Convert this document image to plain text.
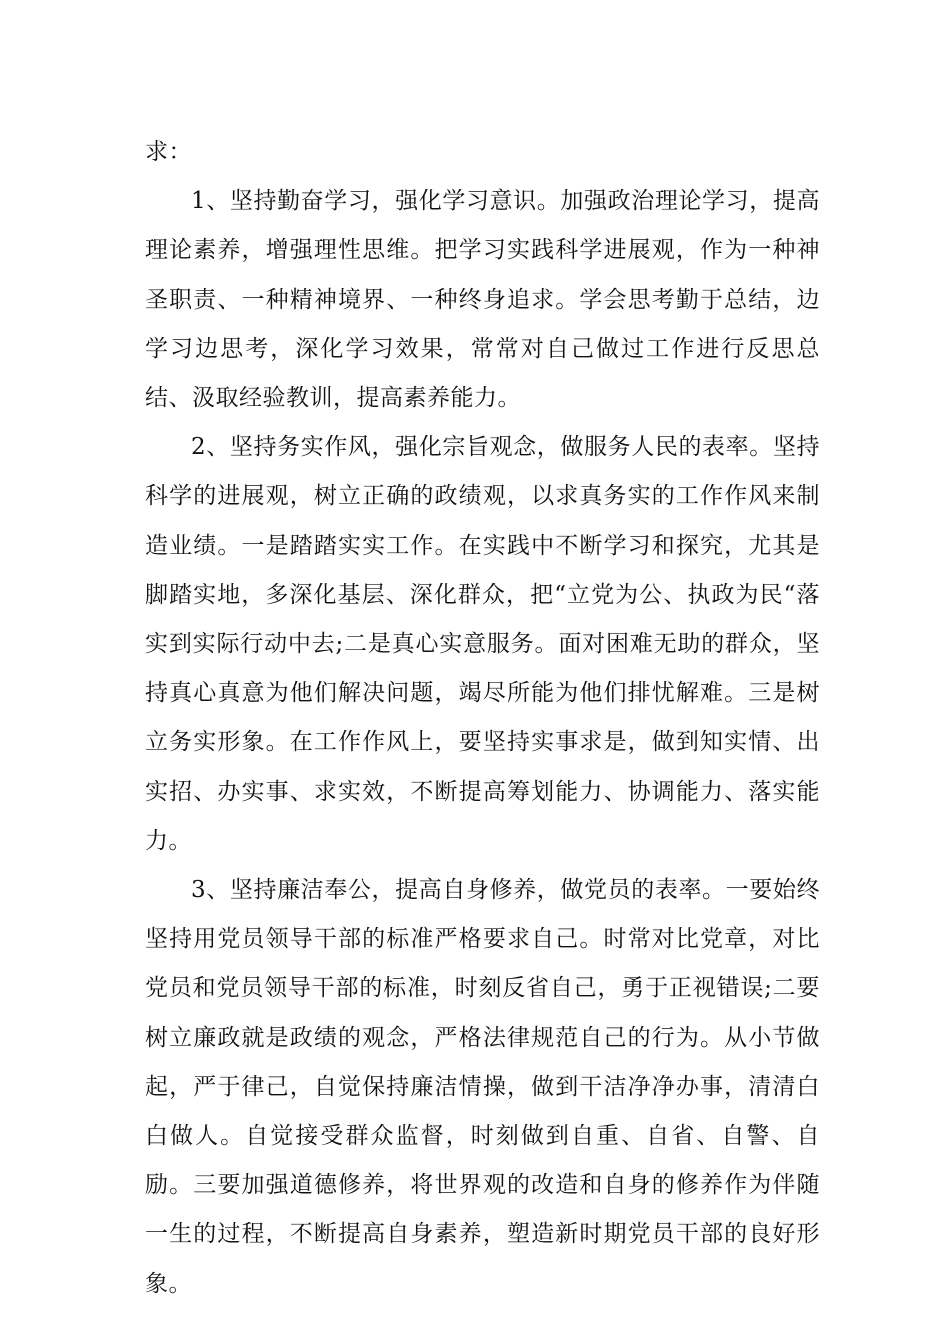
求：

1、坚持勤奋学习，强化学习意识。加强政治理论学习，提高理论素养，增强理性思维。把学习实践科学进展观，作为一种神圣职责、一种精神境界、一种终身追求。学会思考勤于总结，边学习边思考，深化学习效果，常常对自己做过工作进行反思总结、汲取经验教训，提高素养能力。

2、坚持务实作风，强化宗旨观念，做服务人民的表率。坚持科学的进展观，树立正确的政绩观，以求真务实的工作作风来制造业绩。一是踏踏实实工作。在实践中不断学习和探究，尤其是脚踏实地，多深化基层、深化群众，把“立党为公、执政为民“落实到实际行动中去;二是真心实意服务。面对困难无助的群众，坚持真心真意为他们解决问题，竭尽所能为他们排忧解难。三是树立务实形象。在工作作风上，要坚持实事求是，做到知实情、出实招、办实事、求实效，不断提高筹划能力、协调能力、落实能力。

3、坚持廉洁奉公，提高自身修养，做党员的表率。一要始终坚持用党员领导干部的标准严格要求自己。时常对比党章，对比党员和党员领导干部的标准，时刻反省自己，勇于正视错误;二要树立廉政就是政绩的观念，严格法律规范自己的行为。从小节做起，严于律己，自觉保持廉洁情操，做到干洁净净办事，清清白白做人。自觉接受群众监督，时刻做到自重、自省、自警、自励。三要加强道德修养，将世界观的改造和自身的修养作为伴随一生的过程，不断提高自身素养，塑造新时期党员干部的良好形象。
